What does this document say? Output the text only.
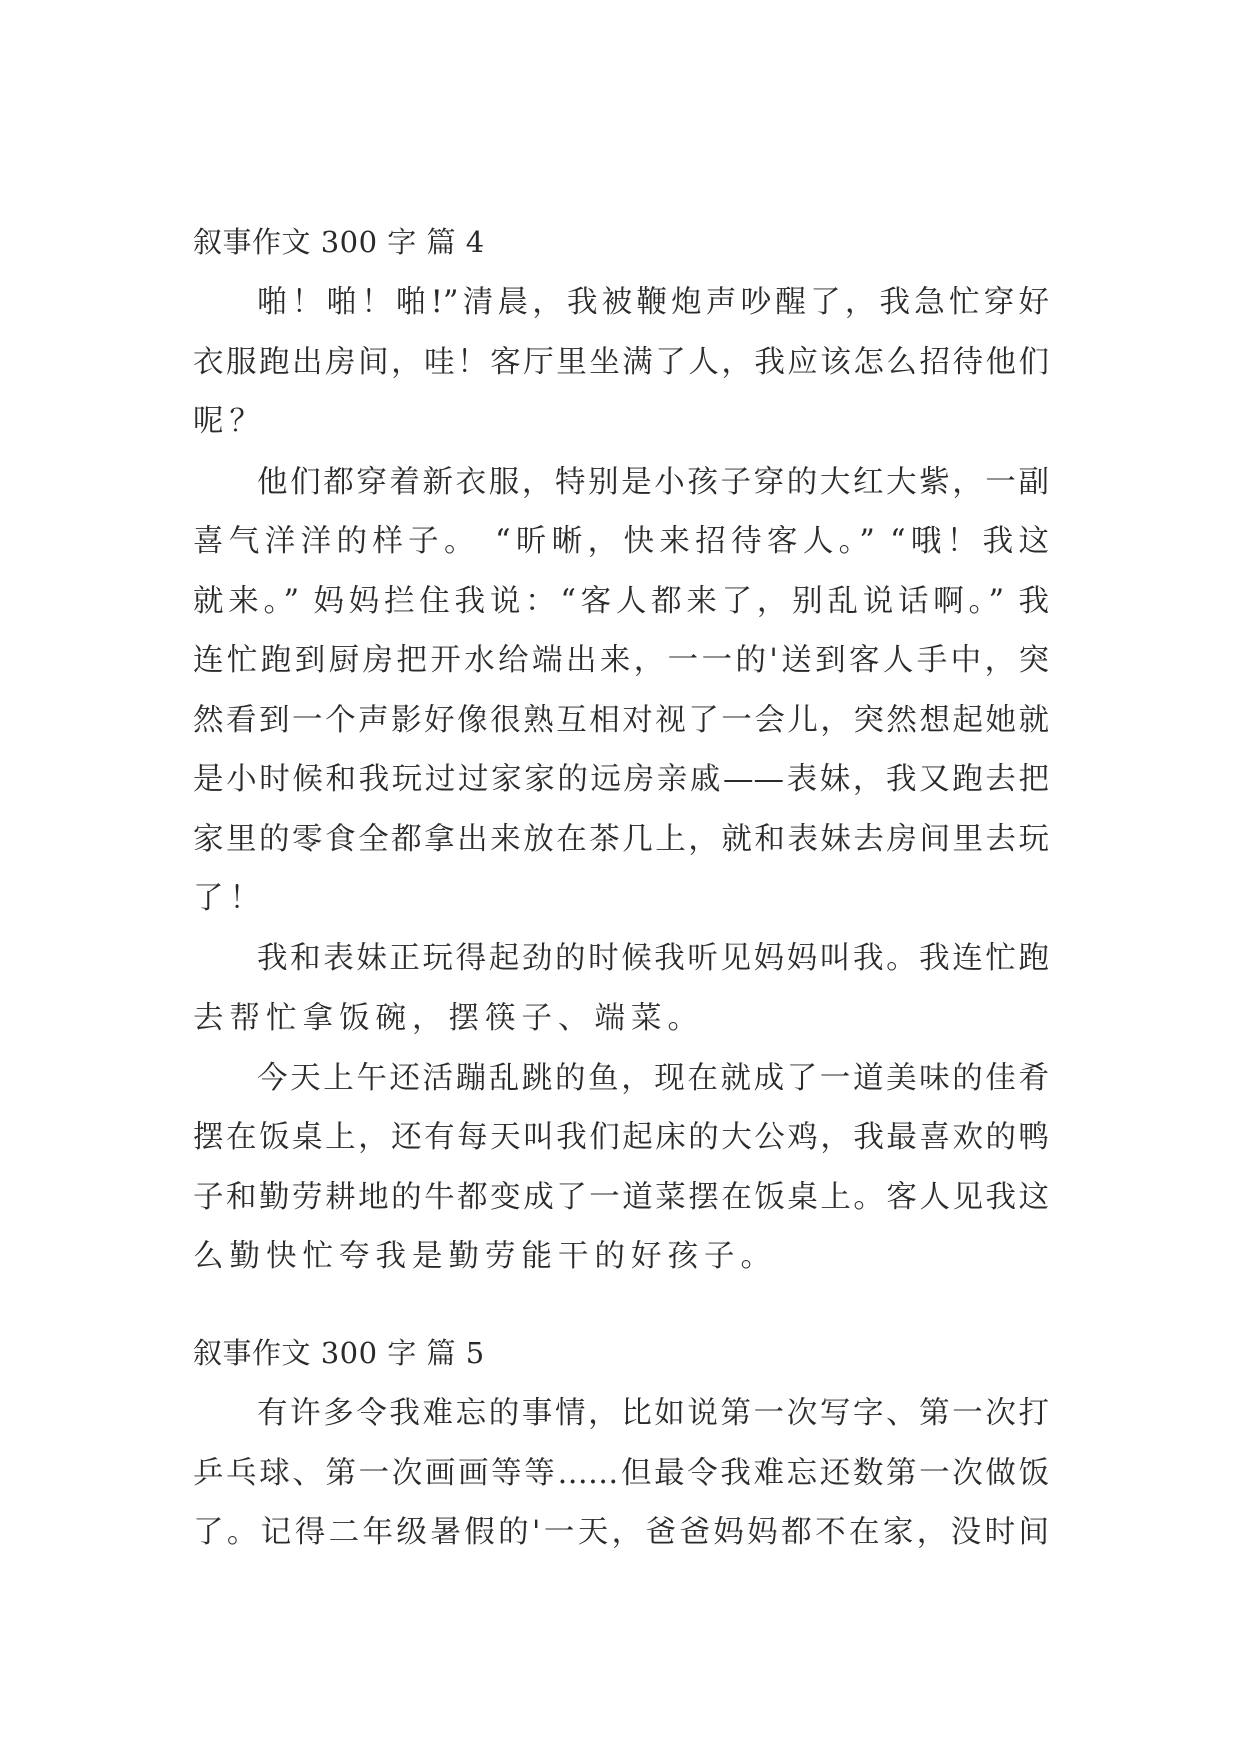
叙事作文 300 字 篇 4
啪！啪！啪!”清晨，我被鞭炮声吵醒了，我急忙穿好
衣服跑出房间，哇！客厅里坐满了人，我应该怎么招待他们
呢？
他们都穿着新衣服，特别是小孩子穿的大红大紫，一副
喜气洋洋的样子。 “昕晰，快来招待客人。” “哦！我这
就来。” 妈妈拦住我说：“客人都来了，别乱说话啊。” 我
连忙跑到厨房把开水给端出来，一一的'送到客人手中，突
然看到一个声影好像很熟互相对视了一会儿，突然想起她就
是小时候和我玩过过家家的远房亲戚——表妹，我又跑去把
家里的零食全都拿出来放在茶几上，就和表妹去房间里去玩
了！
我和表妹正玩得起劲的时候我听见妈妈叫我。我连忙跑
去帮忙拿饭碗，摆筷子、端菜。
今天上午还活蹦乱跳的鱼，现在就成了一道美味的佳肴
摆在饭桌上，还有每天叫我们起床的大公鸡，我最喜欢的鸭
子和勤劳耕地的牛都变成了一道菜摆在饭桌上。客人见我这
么勤快忙夸我是勤劳能干的好孩子。
叙事作文 300 字 篇 5
有许多令我难忘的事情，比如说第一次写字、第一次打
乒乓球、第一次画画等等……但最令我难忘还数第一次做饭
了。记得二年级暑假的'一天，爸爸妈妈都不在家，没时间
